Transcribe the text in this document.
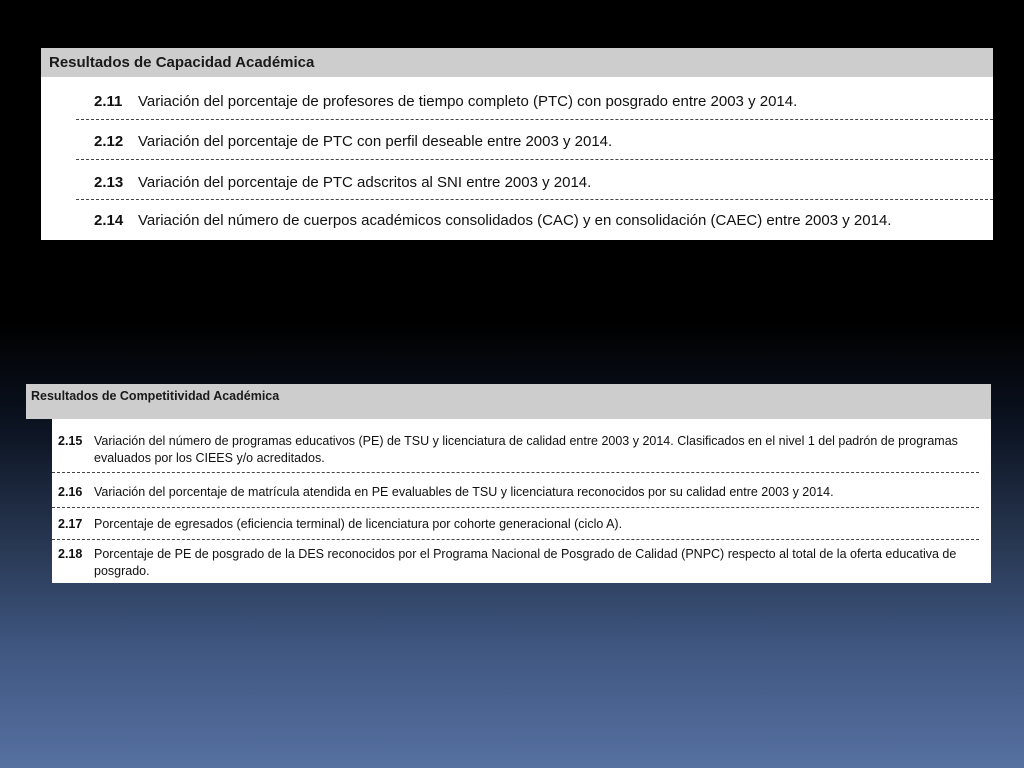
Resultados de Capacidad Académica
2.11 Variación del porcentaje de profesores de tiempo completo (PTC) con posgrado entre 2003 y 2014.
2.12 Variación del porcentaje de PTC con perfil deseable entre 2003 y 2014.
2.13 Variación del porcentaje de PTC adscritos al SNI entre 2003 y 2014.
2.14 Variación del número de cuerpos académicos consolidados (CAC) y en consolidación (CAEC) entre 2003 y 2014.
Resultados de Competitividad Académica
2.15 Variación del número de programas educativos (PE) de TSU y licenciatura de calidad entre 2003 y 2014. Clasificados en el nivel 1 del padrón de programas evaluados por los CIEES y/o acreditados.
2.16 Variación del porcentaje de matrícula atendida en PE evaluables de TSU y licenciatura reconocidos por su calidad entre 2003 y 2014.
2.17 Porcentaje de egresados (eficiencia terminal) de licenciatura por cohorte generacional (ciclo A).
2.18 Porcentaje de PE de posgrado de la DES reconocidos por el Programa Nacional de Posgrado de Calidad (PNPC) respecto al total de la oferta educativa de posgrado.
